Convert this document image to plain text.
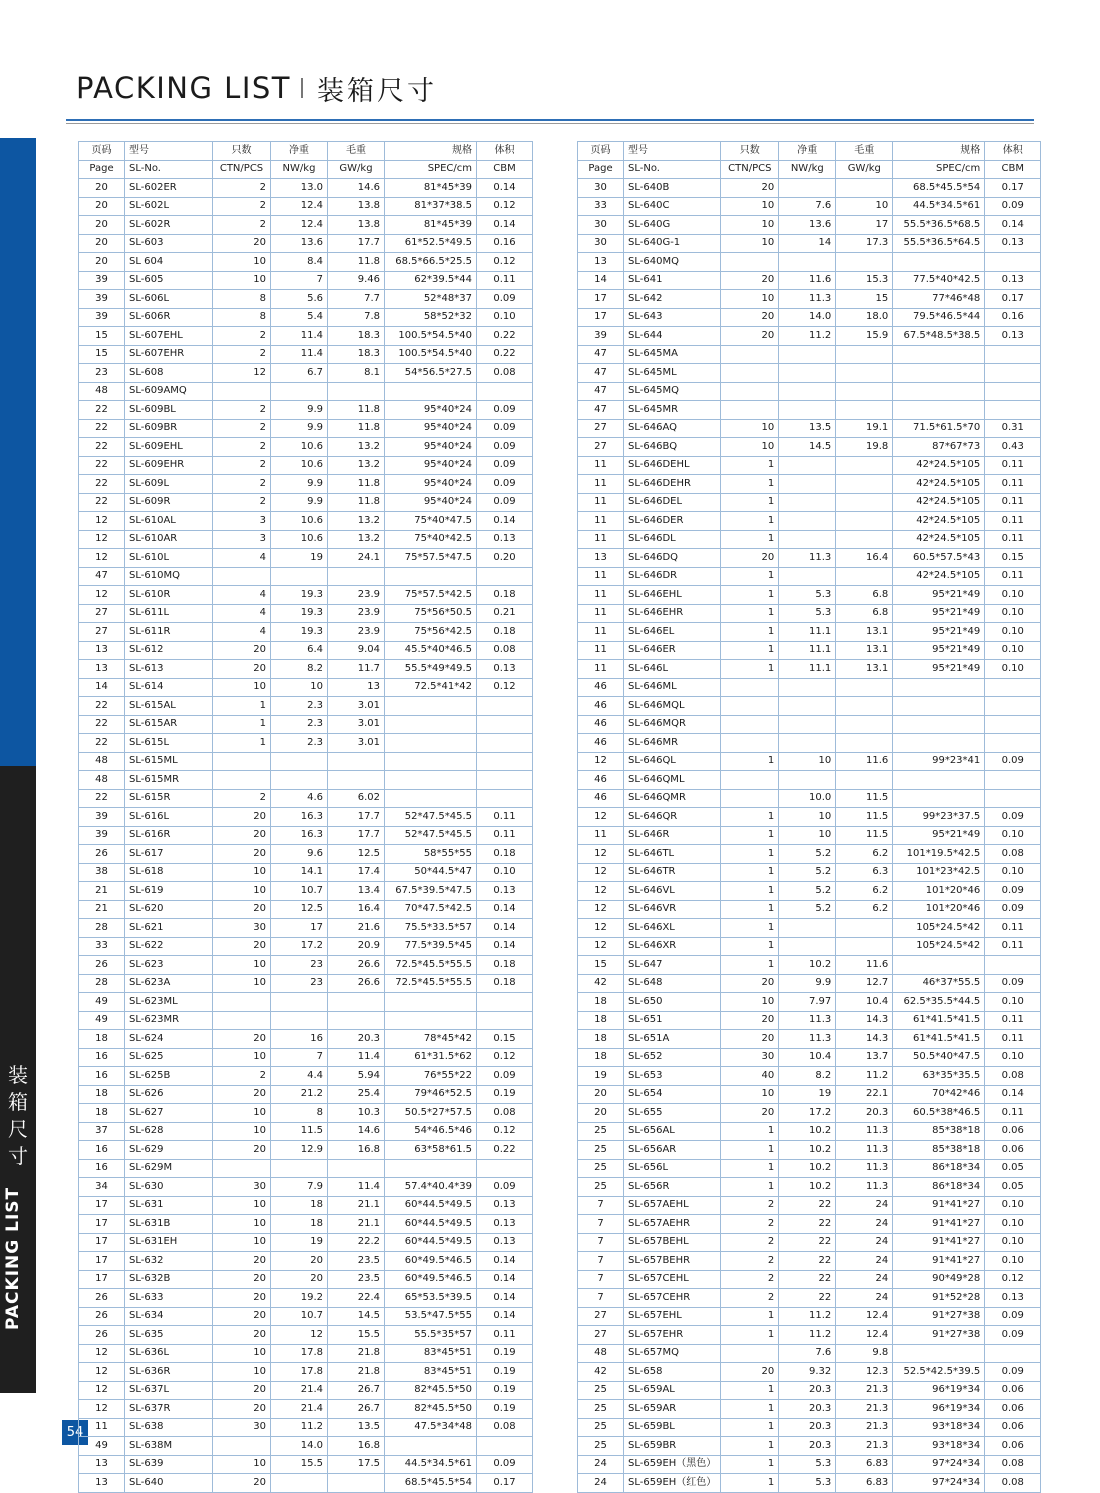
PACKING LIST 装箱尺寸
装
箱
尺
寸
54
页码	型号	只数	净重	毛重	规格	体积
Page	SL-No.	CTN/PCS	NW/kg	GW/kg	SPEC/cm	CBM
20	SL-602ER	2	13.0	14.6	81*45*39	0.14
20	SL-602L	2	12.4	13.8	81*37*38.5	0.12
20	SL-602R	2	12.4	13.8	81*45*39	0.14
20	SL-603	20	13.6	17.7	61*52.5*49.5	0.16
20	SL 604	10	8.4	11.8	68.5*66.5*25.5	0.12
39	SL-605	10	7	9.46	62*39.5*44	0.11
39	SL-606L	8	5.6	7.7	52*48*37	0.09
39	SL-606R	8	5.4	7.8	58*52*32	0.10
15	SL-607EHL	2	11.4	18.3	100.5*54.5*40	0.22
15	SL-607EHR	2	11.4	18.3	100.5*54.5*40	0.22
23	SL-608	12	6.7	8.1	54*56.5*27.5	0.08
48	SL-609AMQ					
22	SL-609BL	2	9.9	11.8	95*40*24	0.09
22	SL-609BR	2	9.9	11.8	95*40*24	0.09
22	SL-609EHL	2	10.6	13.2	95*40*24	0.09
22	SL-609EHR	2	10.6	13.2	95*40*24	0.09
22	SL-609L	2	9.9	11.8	95*40*24	0.09
22	SL-609R	2	9.9	11.8	95*40*24	0.09
12	SL-610AL	3	10.6	13.2	75*40*47.5	0.14
12	SL-610AR	3	10.6	13.2	75*40*42.5	0.13
12	SL-610L	4	19	24.1	75*57.5*47.5	0.20
47	SL-610MQ					
12	SL-610R	4	19.3	23.9	75*57.5*42.5	0.18
27	SL-611L	4	19.3	23.9	75*56*50.5	0.21
27	SL-611R	4	19.3	23.9	75*56*42.5	0.18
13	SL-612	20	6.4	9.04	45.5*40*46.5	0.08
13	SL-613	20	8.2	11.7	55.5*49*49.5	0.13
14	SL-614	10	10	13	72.5*41*42	0.12
22	SL-615AL	1	2.3	3.01		
22	SL-615AR	1	2.3	3.01		
22	SL-615L	1	2.3	3.01		
48	SL-615ML					
48	SL-615MR					
22	SL-615R	2	4.6	6.02		
39	SL-616L	20	16.3	17.7	52*47.5*45.5	0.11
39	SL-616R	20	16.3	17.7	52*47.5*45.5	0.11
26	SL-617	20	9.6	12.5	58*55*55	0.18
38	SL-618	10	14.1	17.4	50*44.5*47	0.10
21	SL-619	10	10.7	13.4	67.5*39.5*47.5	0.13
21	SL-620	20	12.5	16.4	70*47.5*42.5	0.14
28	SL-621	30	17	21.6	75.5*33.5*57	0.14
33	SL-622	20	17.2	20.9	77.5*39.5*45	0.14
26	SL-623	10	23	26.6	72.5*45.5*55.5	0.18
28	SL-623A	10	23	26.6	72.5*45.5*55.5	0.18
49	SL-623ML					
49	SL-623MR					
18	SL-624	20	16	20.3	78*45*42	0.15
16	SL-625	10	7	11.4	61*31.5*62	0.12
16	SL-625B	2	4.4	5.94	76*55*22	0.09
18	SL-626	20	21.2	25.4	79*46*52.5	0.19
18	SL-627	10	8	10.3	50.5*27*57.5	0.08
37	SL-628	10	11.5	14.6	54*46.5*46	0.12
16	SL-629	20	12.9	16.8	63*58*61.5	0.22
16	SL-629M					
34	SL-630	30	7.9	11.4	57.4*40.4*39	0.09
17	SL-631	10	18	21.1	60*44.5*49.5	0.13
17	SL-631B	10	18	21.1	60*44.5*49.5	0.13
17	SL-631EH	10	19	22.2	60*44.5*49.5	0.13
17	SL-632	20	20	23.5	60*49.5*46.5	0.14
17	SL-632B	20	20	23.5	60*49.5*46.5	0.14
26	SL-633	20	19.2	22.4	65*53.5*39.5	0.14
26	SL-634	20	10.7	14.5	53.5*47.5*55	0.14
26	SL-635	20	12	15.5	55.5*35*57	0.11
12	SL-636L	10	17.8	21.8	83*45*51	0.19
12	SL-636R	10	17.8	21.8	83*45*51	0.19
12	SL-637L	20	21.4	26.7	82*45.5*50	0.19
12	SL-637R	20	21.4	26.7	82*45.5*50	0.19
11	SL-638	30	11.2	13.5	47.5*34*48	0.08
49	SL-638M		14.0	16.8		
13	SL-639	10	15.5	17.5	44.5*34.5*61	0.09
13	SL-640	20			68.5*45.5*54	0.17
页码	型号	只数	净重	毛重	规格	体积
Page	SL-No.	CTN/PCS	NW/kg	GW/kg	SPEC/cm	CBM
30	SL-640B	20			68.5*45.5*54	0.17
33	SL-640C	10	7.6	10	44.5*34.5*61	0.09
30	SL-640G	10	13.6	17	55.5*36.5*68.5	0.14
30	SL-640G-1	10	14	17.3	55.5*36.5*64.5	0.13
13	SL-640MQ					
14	SL-641	20	11.6	15.3	77.5*40*42.5	0.13
17	SL-642	10	11.3	15	77*46*48	0.17
17	SL-643	20	14.0	18.0	79.5*46.5*44	0.16
39	SL-644	20	11.2	15.9	67.5*48.5*38.5	0.13
47	SL-645MA					
47	SL-645ML					
47	SL-645MQ					
47	SL-645MR					
27	SL-646AQ	10	13.5	19.1	71.5*61.5*70	0.31
27	SL-646BQ	10	14.5	19.8	87*67*73	0.43
11	SL-646DEHL	1			42*24.5*105	0.11
11	SL-646DEHR	1			42*24.5*105	0.11
11	SL-646DEL	1			42*24.5*105	0.11
11	SL-646DER	1			42*24.5*105	0.11
11	SL-646DL	1			42*24.5*105	0.11
13	SL-646DQ	20	11.3	16.4	60.5*57.5*43	0.15
11	SL-646DR	1			42*24.5*105	0.11
11	SL-646EHL	1	5.3	6.8	95*21*49	0.10
11	SL-646EHR	1	5.3	6.8	95*21*49	0.10
11	SL-646EL	1	11.1	13.1	95*21*49	0.10
11	SL-646ER	1	11.1	13.1	95*21*49	0.10
11	SL-646L	1	11.1	13.1	95*21*49	0.10
46	SL-646ML					
46	SL-646MQL					
46	SL-646MQR					
46	SL-646MR					
12	SL-646QL	1	10	11.6	99*23*41	0.09
46	SL-646QML					
46	SL-646QMR		10.0	11.5		
12	SL-646QR	1	10	11.5	99*23*37.5	0.09
11	SL-646R	1	10	11.5	95*21*49	0.10
12	SL-646TL	1	5.2	6.2	101*19.5*42.5	0.08
12	SL-646TR	1	5.2	6.3	101*23*42.5	0.10
12	SL-646VL	1	5.2	6.2	101*20*46	0.09
12	SL-646VR	1	5.2	6.2	101*20*46	0.09
12	SL-646XL	1			105*24.5*42	0.11
12	SL-646XR	1			105*24.5*42	0.11
15	SL-647	1	10.2	11.6		
42	SL-648	20	9.9	12.7	46*37*55.5	0.09
18	SL-650	10	7.97	10.4	62.5*35.5*44.5	0.10
18	SL-651	20	11.3	14.3	61*41.5*41.5	0.11
18	SL-651A	20	11.3	14.3	61*41.5*41.5	0.11
18	SL-652	30	10.4	13.7	50.5*40*47.5	0.10
19	SL-653	40	8.2	11.2	63*35*35.5	0.08
20	SL-654	10	19	22.1	70*42*46	0.14
20	SL-655	20	17.2	20.3	60.5*38*46.5	0.11
25	SL-656AL	1	10.2	11.3	85*38*18	0.06
25	SL-656AR	1	10.2	11.3	85*38*18	0.06
25	SL-656L	1	10.2	11.3	86*18*34	0.05
25	SL-656R	1	10.2	11.3	86*18*34	0.05
7	SL-657AEHL	2	22	24	91*41*27	0.10
7	SL-657AEHR	2	22	24	91*41*27	0.10
7	SL-657BEHL	2	22	24	91*41*27	0.10
7	SL-657BEHR	2	22	24	91*41*27	0.10
7	SL-657CEHL	2	22	24	90*49*28	0.12
7	SL-657CEHR	2	22	24	91*52*28	0.13
27	SL-657EHL	1	11.2	12.4	91*27*38	0.09
27	SL-657EHR	1	11.2	12.4	91*27*38	0.09
48	SL-657MQ		7.6	9.8		
42	SL-658	20	9.32	12.3	52.5*42.5*39.5	0.09
25	SL-659AL	1	20.3	21.3	96*19*34	0.06
25	SL-659AR	1	20.3	21.3	96*19*34	0.06
25	SL-659BL	1	20.3	21.3	93*18*34	0.06
25	SL-659BR	1	20.3	21.3	93*18*34	0.06
24	SL-659EH（黑色）	1	5.3	6.83	97*24*34	0.08
24	SL-659EH（红色）	1	5.3	6.83	97*24*34	0.08
